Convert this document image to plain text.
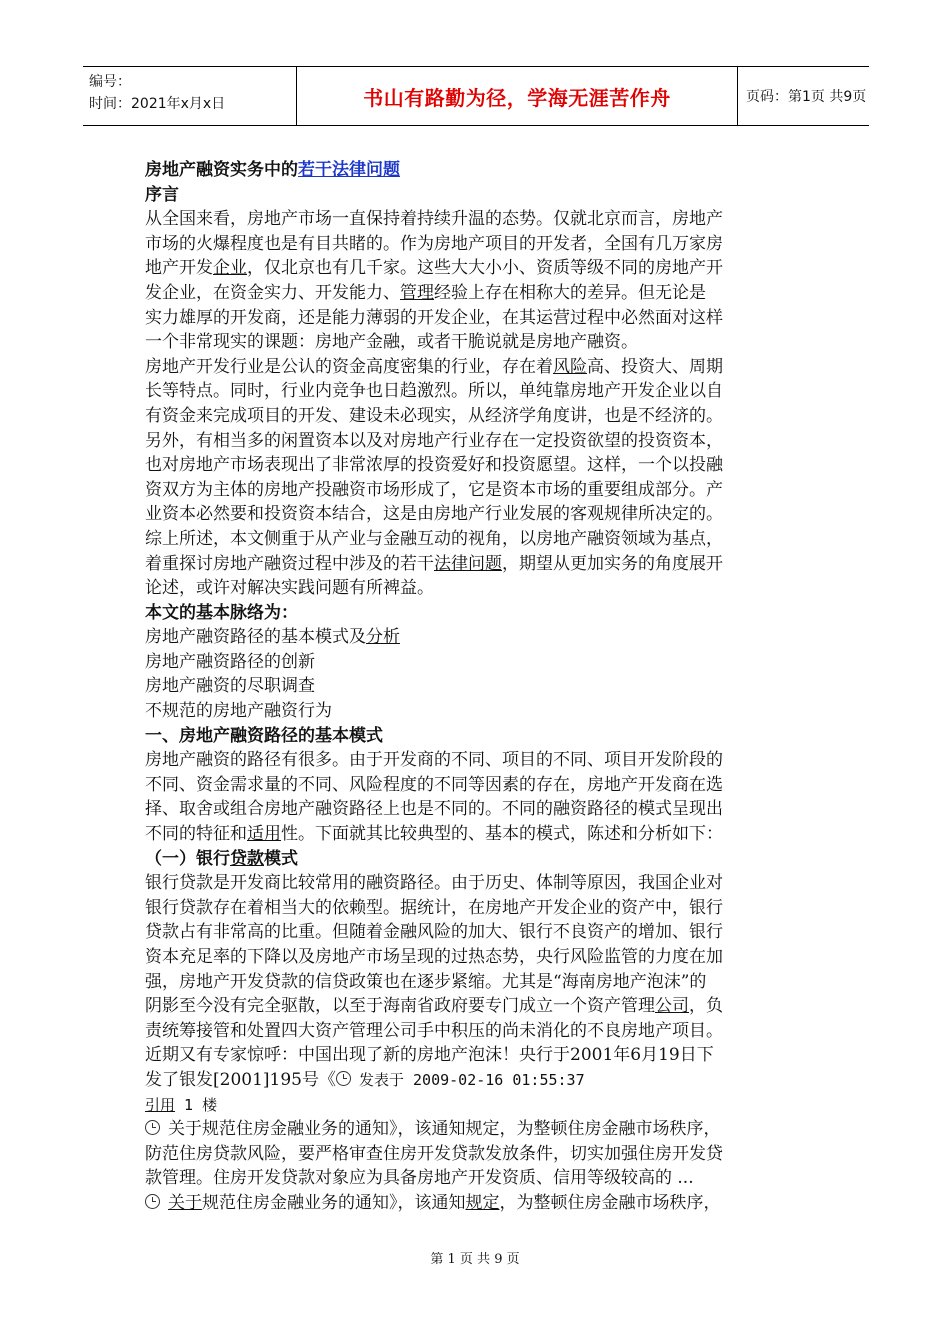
编号：
时间：2021年x月x日	书山有路勤为径，学海无涯苦作舟	页码：第1页 共9页
房地产融资实务中的若干法律问题
序言
从全国来看，房地产市场一直保持着持续升温的态势。仅就北京而言，房地产
市场的火爆程度也是有目共睹的。作为房地产项目的开发者，全国有几万家房
地产开发企业，仅北京也有几千家。这些大大小小、资质等级不同的房地产开
发企业，在资金实力、开发能力、管理经验上存在相称大的差异。但无论是
实力雄厚的开发商，还是能力薄弱的开发企业，在其运营过程中必然面对这样
一个非常现实的课题：房地产金融，或者干脆说就是房地产融资。
房地产开发行业是公认的资金高度密集的行业，存在着风险高、投资大、周期
长等特点。同时，行业内竞争也日趋激烈。所以，单纯靠房地产开发企业以自
有资金来完成项目的开发、建设未必现实，从经济学角度讲，也是不经济的。
另外，有相当多的闲置资本以及对房地产行业存在一定投资欲望的投资资本，
也对房地产市场表现出了非常浓厚的投资爱好和投资愿望。这样，一个以投融
资双方为主体的房地产投融资市场形成了，它是资本市场的重要组成部分。产
业资本必然要和投资资本结合，这是由房地产行业发展的客观规律所决定的。
综上所述，本文侧重于从产业与金融互动的视角，以房地产融资领域为基点，
着重探讨房地产融资过程中涉及的若干法律问题，期望从更加实务的角度展开
论述，或许对解决实践问题有所裨益。
本文的基本脉络为：
房地产融资路径的基本模式及分析
房地产融资路径的创新
房地产融资的尽职调查
不规范的房地产融资行为
一、房地产融资路径的基本模式
房地产融资的路径有很多。由于开发商的不同、项目的不同、项目开发阶段的
不同、资金需求量的不同、风险程度的不同等因素的存在，房地产开发商在选
择、取舍或组合房地产融资路径上也是不同的。不同的融资路径的模式呈现出
不同的特征和适用性。下面就其比较典型的、基本的模式，陈述和分析如下：
（一）银行贷款模式
银行贷款是开发商比较常用的融资路径。由于历史、体制等原因，我国企业对
银行贷款存在着相当大的依赖型。据统计，在房地产开发企业的资产中，银行
贷款占有非常高的比重。但随着金融风险的加大、银行不良资产的增加、银行
资本充足率的下降以及房地产市场呈现的过热态势，央行风险监管的力度在加
强，房地产开发贷款的信贷政策也在逐步紧缩。尤其是“海南房地产泡沫”的
阴影至今没有完全驱散，以至于海南省政府要专门成立一个资产管理公司，负
责统筹接管和处置四大资产管理公司手中积压的尚未消化的不良房地产项目。
近期又有专家惊呼：中国出现了新的房地产泡沫！央行于2001年6月19日下
发了银发[2001]195号《 发表于 2009-02-16 01:55:37
引用 1 楼
关于规范住房金融业务的通知》，该通知规定，为整顿住房金融市场秩序，
防范住房贷款风险，要严格审查住房开发贷款发放条件，切实加强住房开发贷
款管理。住房开发贷款对象应为具备房地产开发资质、信用等级较高的 ...
关于规范住房金融业务的通知》，该通知规定，为整顿住房金融市场秩序，
第 1 页 共 9 页
